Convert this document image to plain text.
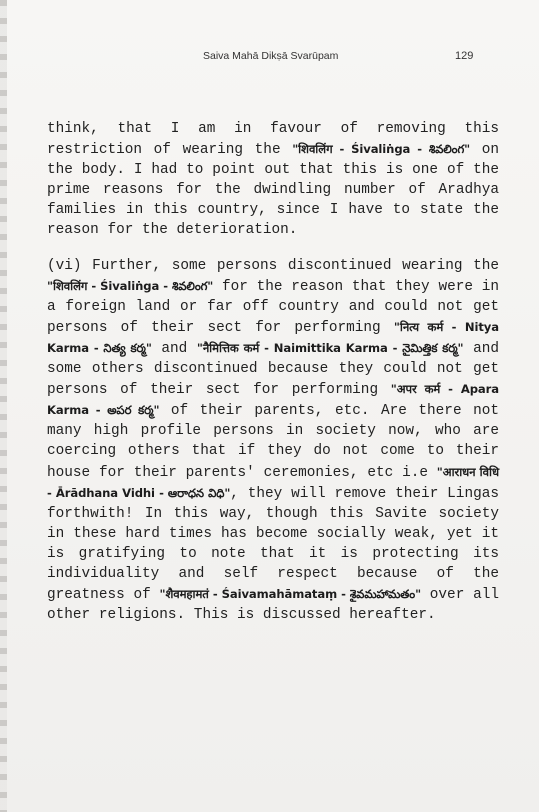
Saiva Mahā Dikṣā Svarūpam	129

think, that I am in favour of removing this restriction of wearing the "शिवलिंग - Śivaliṅga - శివలింగ" on the body. I had to point out that this is one of the prime reasons for the dwindling number of Aradhya families in this country, since I have to state the reason for the deterioration.

(vi) Further, some persons discontinued wearing the "शिवलिंग - Śivaliṅga - శివలింగ" for the reason that they were in a foreign land or far off country and could not get persons of their sect for performing "नित्य कर्म - Nitya Karma - నిత్య కర్మ" and "नैमित्तिक कर्म - Naimittika Karma - నైమిత్తిక కర్మ" and some others discontinued because they could not get persons of their sect for performing "अपर कर्म - Apara Karma - అపర కర్మ" of their parents, etc. Are there not many high profile persons in society now, who are coercing others that if they do not come to their house for their parents' ceremonies, etc i.e "आराधन विधि - Ārādhana Vidhi - ఆరాధన విధి", they will remove their Lingas forthwith! In this way, though this Savite society in these hard times has become socially weak, yet it is gratifying to note that it is protecting its individuality and self respect because of the greatness of "शैवमहामतं - Śaivamahāmataṃ - శైవమహామతం" over all other religions. This is discussed hereafter.
